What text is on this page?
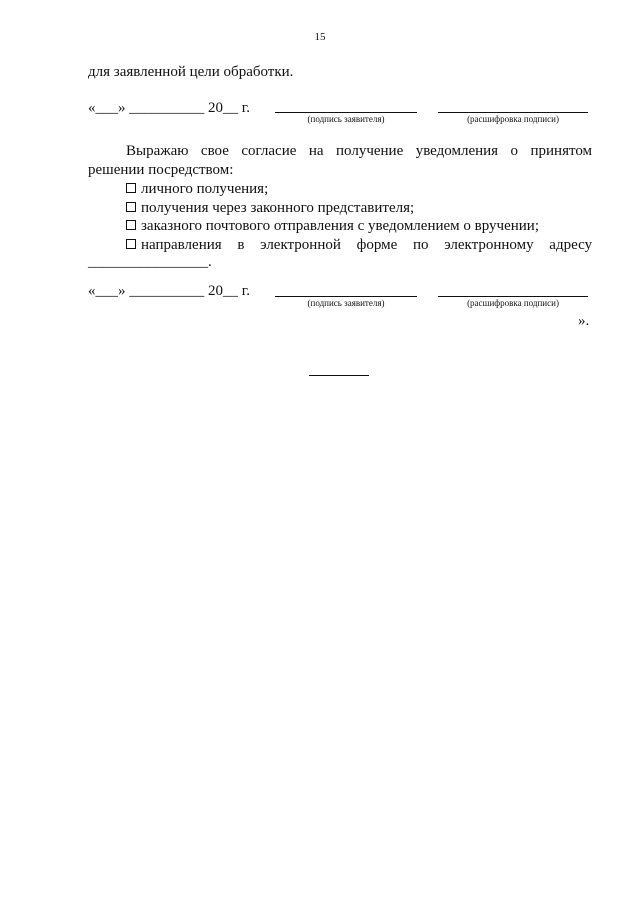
15
для заявленной цели обработки.
«___» __________ 20__ г.
(подпись заявителя)	(расшифровка подписи)
Выражаю свое согласие на получение уведомления о принятом
решении посредством:
личного получения;
получения через законного представителя;
заказного почтового отправления с уведомлением о вручении;
направления в электронной форме по электронному адресу
________________.
«___» __________ 20__ г.
(подпись заявителя)	(расшифровка подписи)
».
